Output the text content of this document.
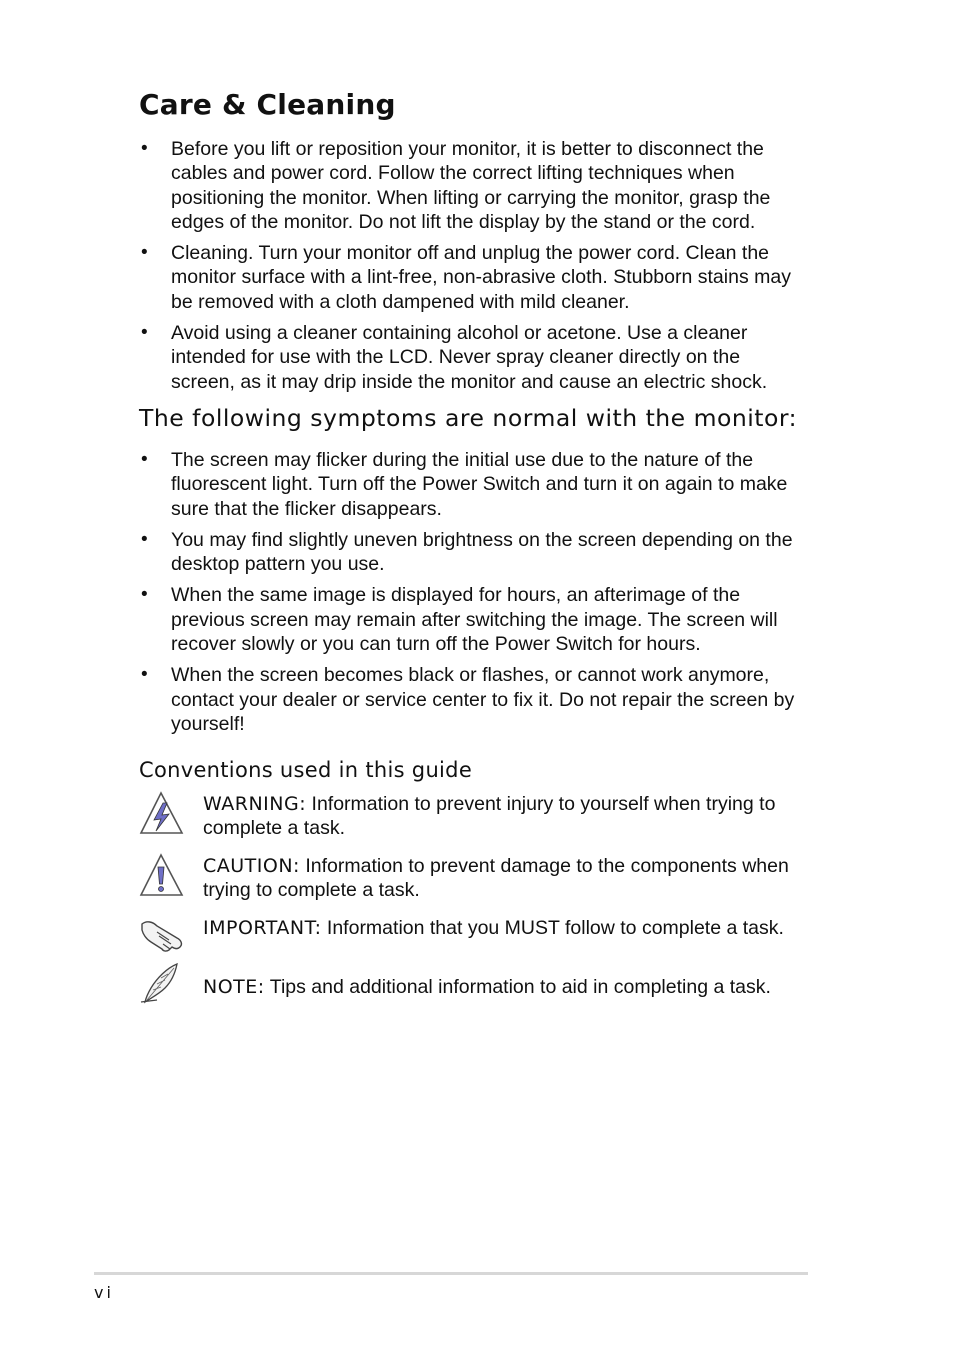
Care & Cleaning
• Before you lift or reposition your monitor, it is better to disconnect the cables and power cord. Follow the correct lifting techniques when positioning the monitor. When lifting or carrying the monitor, grasp the edges of the monitor. Do not lift the display by the stand or the cord.
• Cleaning. Turn your monitor off and unplug the power cord. Clean the monitor surface with a lint-free, non-abrasive cloth. Stubborn stains may be removed with a cloth dampened with mild cleaner.
• Avoid using a cleaner containing alcohol or acetone. Use a cleaner intended for use with the LCD. Never spray cleaner directly on the screen, as it may drip inside the monitor and cause an electric shock.
The following symptoms are normal with the monitor:
• The screen may flicker during the initial use due to the nature of the fluorescent light. Turn off the Power Switch and turn it on again to make sure that the flicker disappears.
• You may find slightly uneven brightness on the screen depending on the desktop pattern you use.
• When the same image is displayed for hours, an afterimage of the previous screen may remain after switching the image. The screen will recover slowly or you can turn off the Power Switch for hours.
• When the screen becomes black or flashes, or cannot work anymore, contact your dealer or service center to fix it. Do not repair the screen by yourself!
Conventions used in this guide
WARNING: Information to prevent injury to yourself when trying to complete a task.
CAUTION: Information to prevent damage to the components when trying to complete a task.
IMPORTANT: Information that you MUST follow to complete a task.
NOTE: Tips and additional information to aid in completing a task.
vi
